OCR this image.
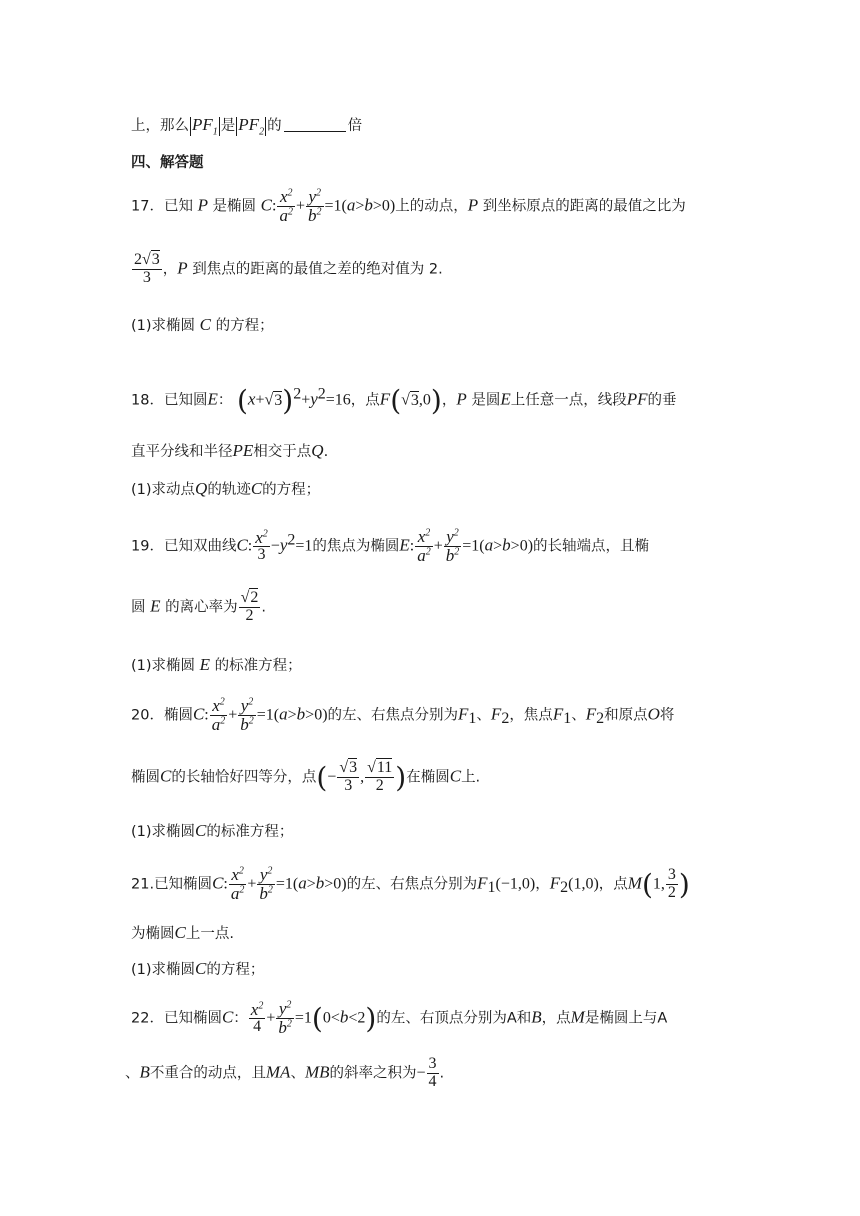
上，那么 $PF_1$ 是 $PF_2$ 的	倍
四、解答题
17．已知 P 是椭圆 C: $\frac{x^2}{a^2} + \frac{y^2}{b^2} =1(a>b>0)$上的动点，P 到坐标原点的距离的最值之比为
$\frac{2√3}{3}$ ，P 到焦点的距离的最值之差的绝对值为 2.
(1)求椭圆 C 的方程；
18．已知圆E： $(x+√3)^2+y^2=16$，点F(√3,0)，P 是圆E上任意一点，线段PF的垂
直平分线和半径PE相交于点Q.
(1)求动点Q的轨迹C的方程；
19．已知双曲线C: $\frac{x^2}{3} -y^2=1$的焦点为椭圆E: $\frac{x^2}{a^2} + \frac{y^2}{b^2} =1(a>b>0)$的长轴端点，且椭
圆 E 的离心率为 $\frac{√2}{2}$ .
(1)求椭圆 E 的标准方程；
20．椭圆C: $\frac{x^2}{a^2} + \frac{y^2}{b^2} =1(a>b>0)$的左、右焦点分别为$F_1$、$F_2$，焦点$F_1$、$F_2$和原点O将
椭圆C的长轴恰好四等分，点(− $\frac{√3}{3}$ , $\frac{√11}{2}$ )在椭圆C上.
(1)求椭圆C的标准方程；
21.已知椭圆C: $\frac{x^2}{a^2} + \frac{y^2}{b^2} =1(a>b>0)$的左、右焦点分别为$F_1(-1,0)$，$F_2(1,0)$，点M(1, $\frac{3}{2}$ )
为椭圆C上一点.
(1)求椭圆C的方程；
22．已知椭圆C： $\frac{x^2}{4} + \frac{y^2}{b^2} =1(0<b<2)$的左、右顶点分别为A和B，点M是椭圆上与A
、B不重合的动点，且MA、MB的斜率之积为− $\frac{3}{4}$ .
